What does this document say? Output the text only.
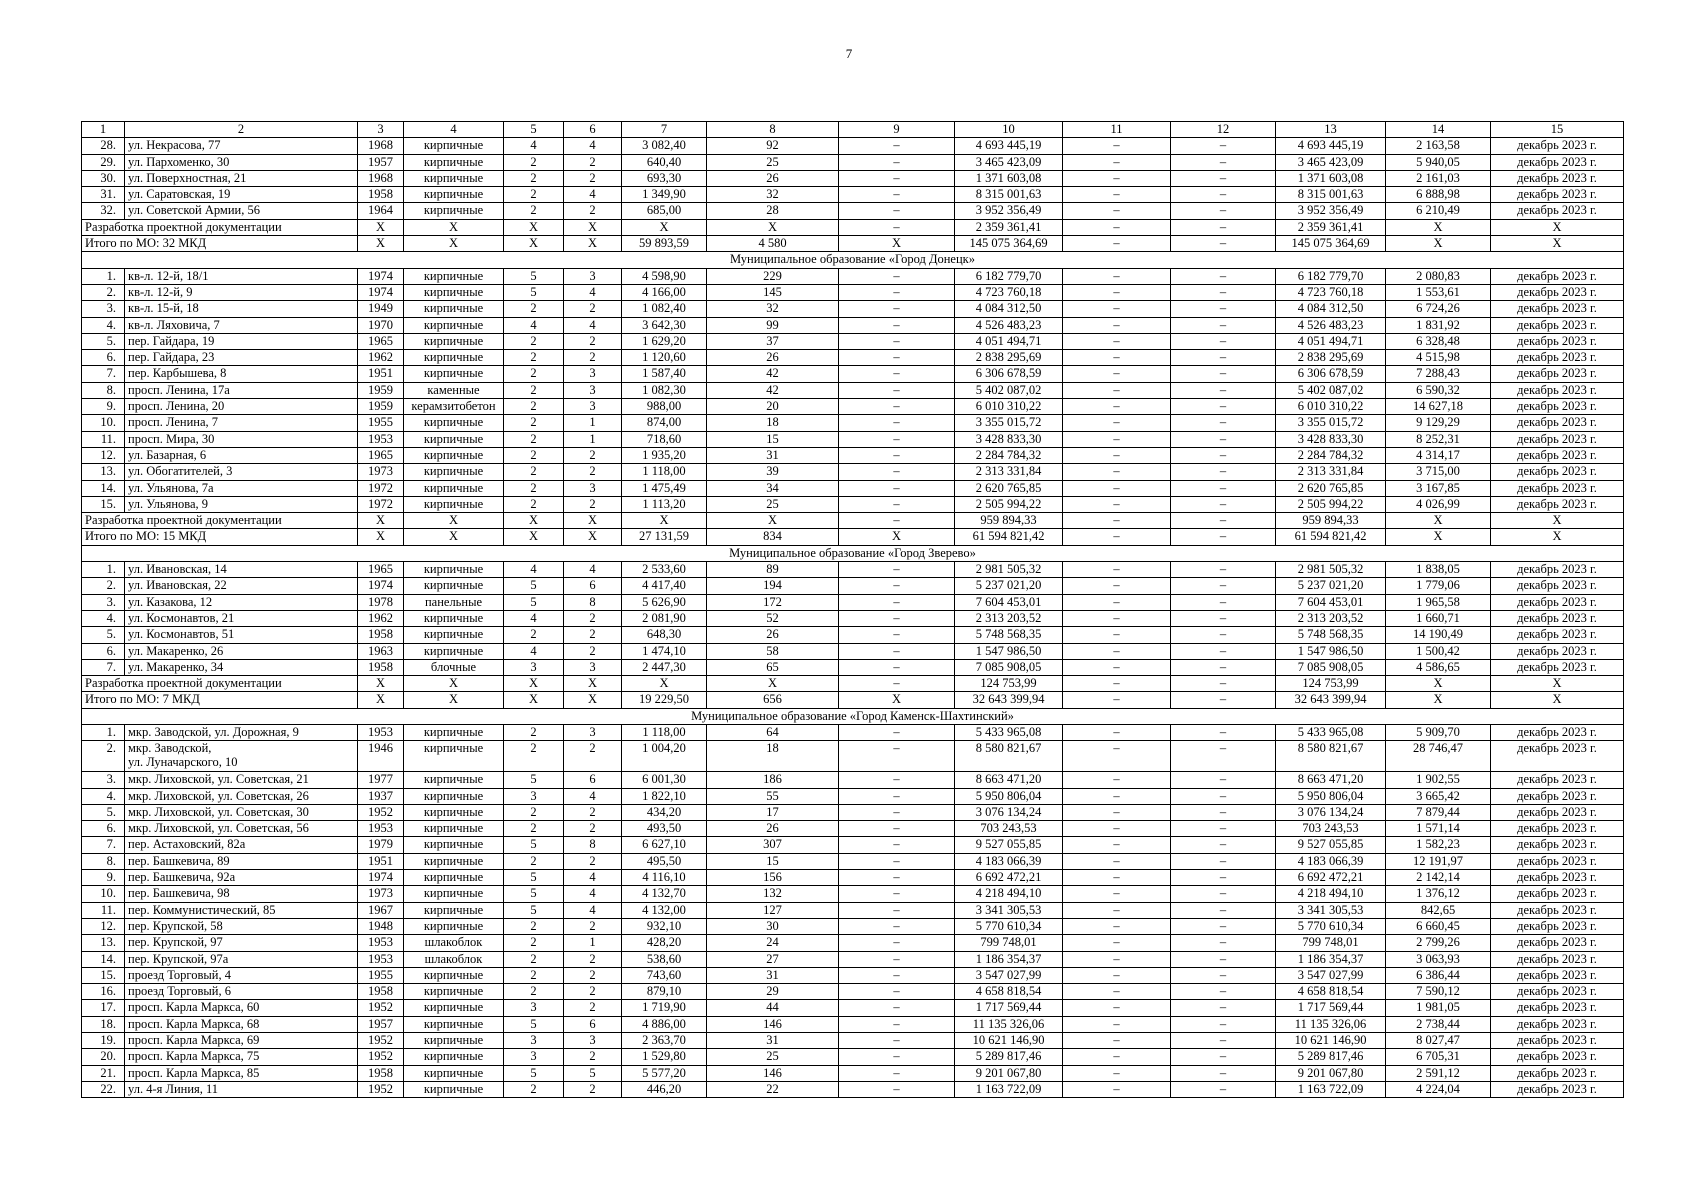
7
1	2	3	4	5	6	7	8	9	10	11	12	13	14	15
28.	ул. Некрасова, 77	1968	кирпичные	4	4	3 082,40	92	–	4 693 445,19	–	–	4 693 445,19	2 163,58	декабрь 2023 г.
29.	ул. Пархоменко, 30	1957	кирпичные	2	2	640,40	25	–	3 465 423,09	–	–	3 465 423,09	5 940,05	декабрь 2023 г.
30.	ул. Поверхностная, 21	1968	кирпичные	2	2	693,30	26	–	1 371 603,08	–	–	1 371 603,08	2 161,03	декабрь 2023 г.
31.	ул. Саратовская, 19	1958	кирпичные	2	4	1 349,90	32	–	8 315 001,63	–	–	8 315 001,63	6 888,98	декабрь 2023 г.
32.	ул. Советской Армии, 56	1964	кирпичные	2	2	685,00	28	–	3 952 356,49	–	–	3 952 356,49	6 210,49	декабрь 2023 г.
Разработка проектной документации		X	X	X	X	X	X	–	2 359 361,41	–	–	2 359 361,41	X	X
Итого по МО: 32 МКД		X	X	X	X	59 893,59	4 580	X	145 075 364,69	–	–	145 075 364,69	X	X
Муниципальное образование «Город Донецк»														
1.	кв-л. 12-й, 18/1	1974	кирпичные	5	3	4 598,90	229	–	6 182 779,70	–	–	6 182 779,70	2 080,83	декабрь 2023 г.
2.	кв-л. 12-й, 9	1974	кирпичные	5	4	4 166,00	145	–	4 723 760,18	–	–	4 723 760,18	1 553,61	декабрь 2023 г.
3.	кв-л. 15-й, 18	1949	кирпичные	2	2	1 082,40	32	–	4 084 312,50	–	–	4 084 312,50	6 724,26	декабрь 2023 г.
4.	кв-л. Ляховича, 7	1970	кирпичные	4	4	3 642,30	99	–	4 526 483,23	–	–	4 526 483,23	1 831,92	декабрь 2023 г.
5.	пер. Гайдара, 19	1965	кирпичные	2	2	1 629,20	37	–	4 051 494,71	–	–	4 051 494,71	6 328,48	декабрь 2023 г.
6.	пер. Гайдара, 23	1962	кирпичные	2	2	1 120,60	26	–	2 838 295,69	–	–	2 838 295,69	4 515,98	декабрь 2023 г.
7.	пер. Карбышева, 8	1951	кирпичные	2	3	1 587,40	42	–	6 306 678,59	–	–	6 306 678,59	7 288,43	декабрь 2023 г.
8.	просп. Ленина, 17а	1959	каменные	2	3	1 082,30	42	–	5 402 087,02	–	–	5 402 087,02	6 590,32	декабрь 2023 г.
9.	просп. Ленина, 20	1959	керамзитобетон	2	3	988,00	20	–	6 010 310,22	–	–	6 010 310,22	14 627,18	декабрь 2023 г.
10.	просп. Ленина, 7	1955	кирпичные	2	1	874,00	18	–	3 355 015,72	–	–	3 355 015,72	9 129,29	декабрь 2023 г.
11.	просп. Мира, 30	1953	кирпичные	2	1	718,60	15	–	3 428 833,30	–	–	3 428 833,30	8 252,31	декабрь 2023 г.
12.	ул. Базарная, 6	1965	кирпичные	2	2	1 935,20	31	–	2 284 784,32	–	–	2 284 784,32	4 314,17	декабрь 2023 г.
13.	ул. Обогатителей, 3	1973	кирпичные	2	2	1 118,00	39	–	2 313 331,84	–	–	2 313 331,84	3 715,00	декабрь 2023 г.
14.	ул. Ульянова, 7а	1972	кирпичные	2	3	1 475,49	34	–	2 620 765,85	–	–	2 620 765,85	3 167,85	декабрь 2023 г.
15.	ул. Ульянова, 9	1972	кирпичные	2	2	1 113,20	25	–	2 505 994,22	–	–	2 505 994,22	4 026,99	декабрь 2023 г.
Разработка проектной документации		X	X	X	X	X	X	–	959 894,33	–	–	959 894,33	X	X
Итого по МО: 15 МКД		X	X	X	X	27 131,59	834	X	61 594 821,42	–	–	61 594 821,42	X	X
Муниципальное образование «Город Зверево»														
1.	ул. Ивановская, 14	1965	кирпичные	4	4	2 533,60	89	–	2 981 505,32	–	–	2 981 505,32	1 838,05	декабрь 2023 г.
2.	ул. Ивановская, 22	1974	кирпичные	5	6	4 417,40	194	–	5 237 021,20	–	–	5 237 021,20	1 779,06	декабрь 2023 г.
3.	ул. Казакова, 12	1978	панельные	5	8	5 626,90	172	–	7 604 453,01	–	–	7 604 453,01	1 965,58	декабрь 2023 г.
4.	ул. Космонавтов, 21	1962	кирпичные	4	2	2 081,90	52	–	2 313 203,52	–	–	2 313 203,52	1 660,71	декабрь 2023 г.
5.	ул. Космонавтов, 51	1958	кирпичные	2	2	648,30	26	–	5 748 568,35	–	–	5 748 568,35	14 190,49	декабрь 2023 г.
6.	ул. Макаренко, 26	1963	кирпичные	4	2	1 474,10	58	–	1 547 986,50	–	–	1 547 986,50	1 500,42	декабрь 2023 г.
7.	ул. Макаренко, 34	1958	блочные	3	3	2 447,30	65	–	7 085 908,05	–	–	7 085 908,05	4 586,65	декабрь 2023 г.
Разработка проектной документации		X	X	X	X	X	X	–	124 753,99	–	–	124 753,99	X	X
Итого по МО: 7 МКД		X	X	X	X	19 229,50	656	X	32 643 399,94	–	–	32 643 399,94	X	X
Муниципальное образование «Город Каменск-Шахтинский»														
1.	мкр. Заводской, ул. Дорожная, 9	1953	кирпичные	2	3	1 118,00	64	–	5 433 965,08	–	–	5 433 965,08	5 909,70	декабрь 2023 г.
2.	мкр. Заводской,
ул. Луначарского, 10	1946	кирпичные	2	2	1 004,20	18	–	8 580 821,67	–	–	8 580 821,67	28 746,47	декабрь 2023 г.
3.	мкр. Лиховской, ул. Советская, 21	1977	кирпичные	5	6	6 001,30	186	–	8 663 471,20	–	–	8 663 471,20	1 902,55	декабрь 2023 г.
4.	мкр. Лиховской, ул. Советская, 26	1937	кирпичные	3	4	1 822,10	55	–	5 950 806,04	–	–	5 950 806,04	3 665,42	декабрь 2023 г.
5.	мкр. Лиховской, ул. Советская, 30	1952	кирпичные	2	2	434,20	17	–	3 076 134,24	–	–	3 076 134,24	7 879,44	декабрь 2023 г.
6.	мкр. Лиховской, ул. Советская, 56	1953	кирпичные	2	2	493,50	26	–	703 243,53	–	–	703 243,53	1 571,14	декабрь 2023 г.
7.	пер. Астаховский, 82а	1979	кирпичные	5	8	6 627,10	307	–	9 527 055,85	–	–	9 527 055,85	1 582,23	декабрь 2023 г.
8.	пер. Башкевича, 89	1951	кирпичные	2	2	495,50	15	–	4 183 066,39	–	–	4 183 066,39	12 191,97	декабрь 2023 г.
9.	пер. Башкевича, 92а	1974	кирпичные	5	4	4 116,10	156	–	6 692 472,21	–	–	6 692 472,21	2 142,14	декабрь 2023 г.
10.	пер. Башкевича, 98	1973	кирпичные	5	4	4 132,70	132	–	4 218 494,10	–	–	4 218 494,10	1 376,12	декабрь 2023 г.
11.	пер. Коммунистический, 85	1967	кирпичные	5	4	4 132,00	127	–	3 341 305,53	–	–	3 341 305,53	842,65	декабрь 2023 г.
12.	пер. Крупской, 58	1948	кирпичные	2	2	932,10	30	–	5 770 610,34	–	–	5 770 610,34	6 660,45	декабрь 2023 г.
13.	пер. Крупской, 97	1953	шлакоблок	2	1	428,20	24	–	799 748,01	–	–	799 748,01	2 799,26	декабрь 2023 г.
14.	пер. Крупской, 97а	1953	шлакоблок	2	2	538,60	27	–	1 186 354,37	–	–	1 186 354,37	3 063,93	декабрь 2023 г.
15.	проезд Торговый, 4	1955	кирпичные	2	2	743,60	31	–	3 547 027,99	–	–	3 547 027,99	6 386,44	декабрь 2023 г.
16.	проезд Торговый, 6	1958	кирпичные	2	2	879,10	29	–	4 658 818,54	–	–	4 658 818,54	7 590,12	декабрь 2023 г.
17.	просп. Карла Маркса, 60	1952	кирпичные	3	2	1 719,90	44	–	1 717 569,44	–	–	1 717 569,44	1 981,05	декабрь 2023 г.
18.	просп. Карла Маркса, 68	1957	кирпичные	5	6	4 886,00	146	–	11 135 326,06	–	–	11 135 326,06	2 738,44	декабрь 2023 г.
19.	просп. Карла Маркса, 69	1952	кирпичные	3	3	2 363,70	31	–	10 621 146,90	–	–	10 621 146,90	8 027,47	декабрь 2023 г.
20.	просп. Карла Маркса, 75	1952	кирпичные	3	2	1 529,80	25	–	5 289 817,46	–	–	5 289 817,46	6 705,31	декабрь 2023 г.
21.	просп. Карла Маркса, 85	1958	кирпичные	5	5	5 577,20	146	–	9 201 067,80	–	–	9 201 067,80	2 591,12	декабрь 2023 г.
22.	ул. 4-я Линия, 11	1952	кирпичные	2	2	446,20	22	–	1 163 722,09	–	–	1 163 722,09	4 224,04	декабрь 2023 г.
